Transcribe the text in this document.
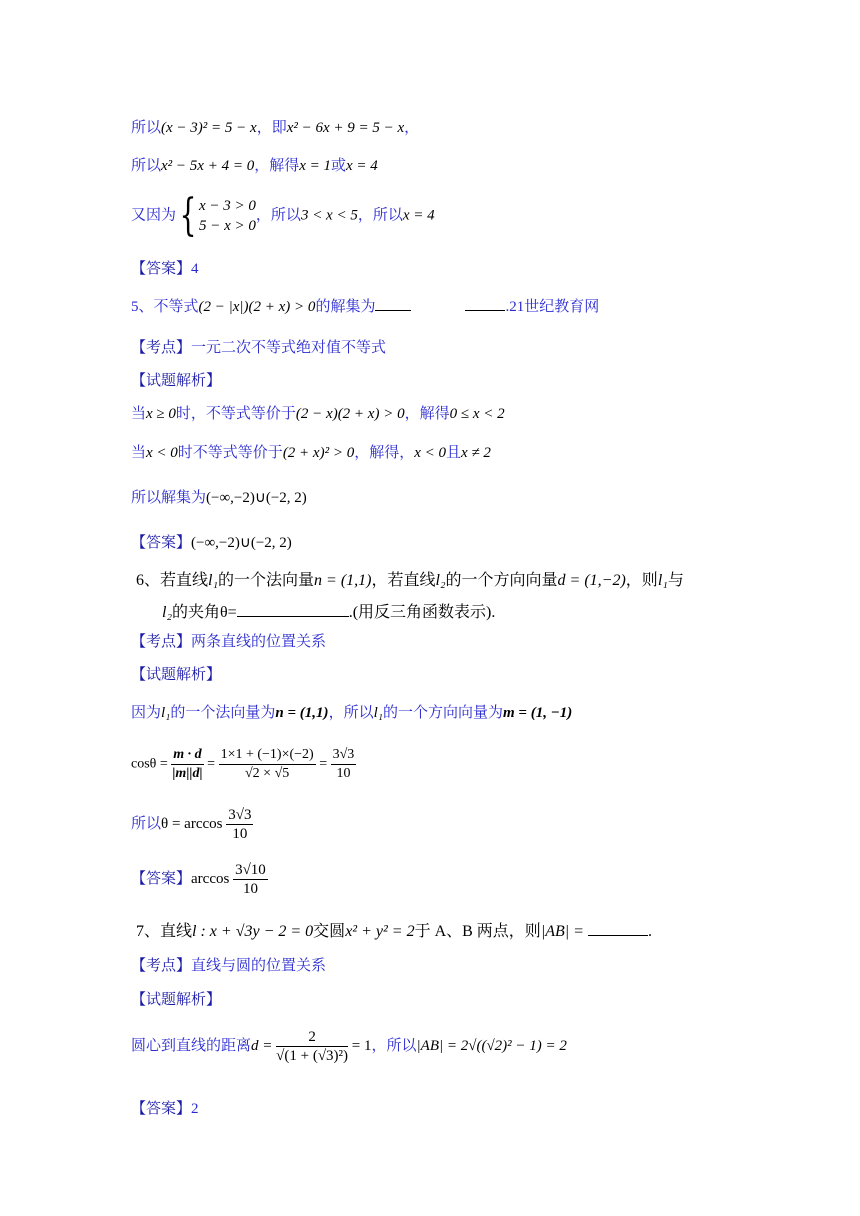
所以(x − 3)² = 5 − x，即x² − 6x + 9 = 5 − x，
所以x² − 5x + 4 = 0，解得x = 1或x = 4
又因为{ x − 3 > 0
5 − x > 0
，所以3 < x < 5，所以x = 4
【答案】4
5、不等式(2 − |x|)(2 + x) > 0的解集为	.21世纪教育网
【考点】一元二次不等式绝对值不等式
【试题解析】
当x ≥ 0时，不等式等价于(2 − x)(2 + x) > 0，解得0 ≤ x < 2
当x < 0时不等式等价于(2 + x)² > 0，解得，x < 0且x ≠ 2
所以解集为(−∞,−2)∪(−2, 2)
【答案】(−∞,−2)∪(−2, 2)
6、若直线l₁的一个法向量n = (1,1)，若直线l₂的一个方向向量d = (1,−2)，则l₁与
l₂的夹角θ=	.(用反三角函数表示).
【考点】两条直线的位置关系
【试题解析】
因为l₁的一个法向量为n = (1,1)，所以l₁的一个方向向量为m = (1, −1)
$\cos\theta = \frac{m \cdot d}{|m||d|} = \frac{1\times 1 + (-1)\times(-2)}{√2 \times √5} = \frac{3√3}{10}$
所以$\theta = \arccos \frac{3√3}{10}$
【答案】$\arccos \frac{3√10}{10}$
7、直线l : x + √3y − 2 = 0交圆x² + y² = 2于 A、B 两点，则|AB| =	.
【考点】直线与圆的位置关系
【试题解析】
圆心到直线的距离$d = \frac{2}{\text{√(1 + (√3)²)}} = 1$，所以|AB| = 2√((√2)² − 1) = 2
【答案】2
